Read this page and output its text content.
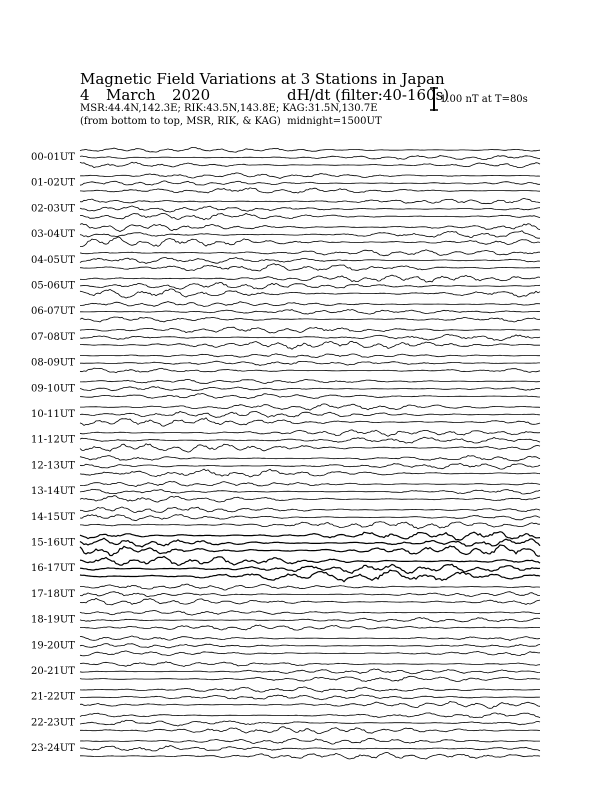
Magnetic Field Variations at 3 Stations in Japan
4 March 2020	dH/dt (filter:40-160s)
MSR:44.4N,142.3E; RIK:43.5N,143.8E; KAG:31.5N,130.7E
(from bottom to top, MSR, RIK, & KAG) midnight=1500UT
1.00 nT at T=80s
00-01UT
01-02UT
02-03UT
03-04UT
04-05UT
05-06UT
06-07UT
07-08UT
08-09UT
09-10UT
10-11UT
11-12UT
12-13UT
13-14UT
14-15UT
15-16UT
16-17UT
17-18UT
18-19UT
19-20UT
20-21UT
21-22UT
22-23UT
23-24UT
